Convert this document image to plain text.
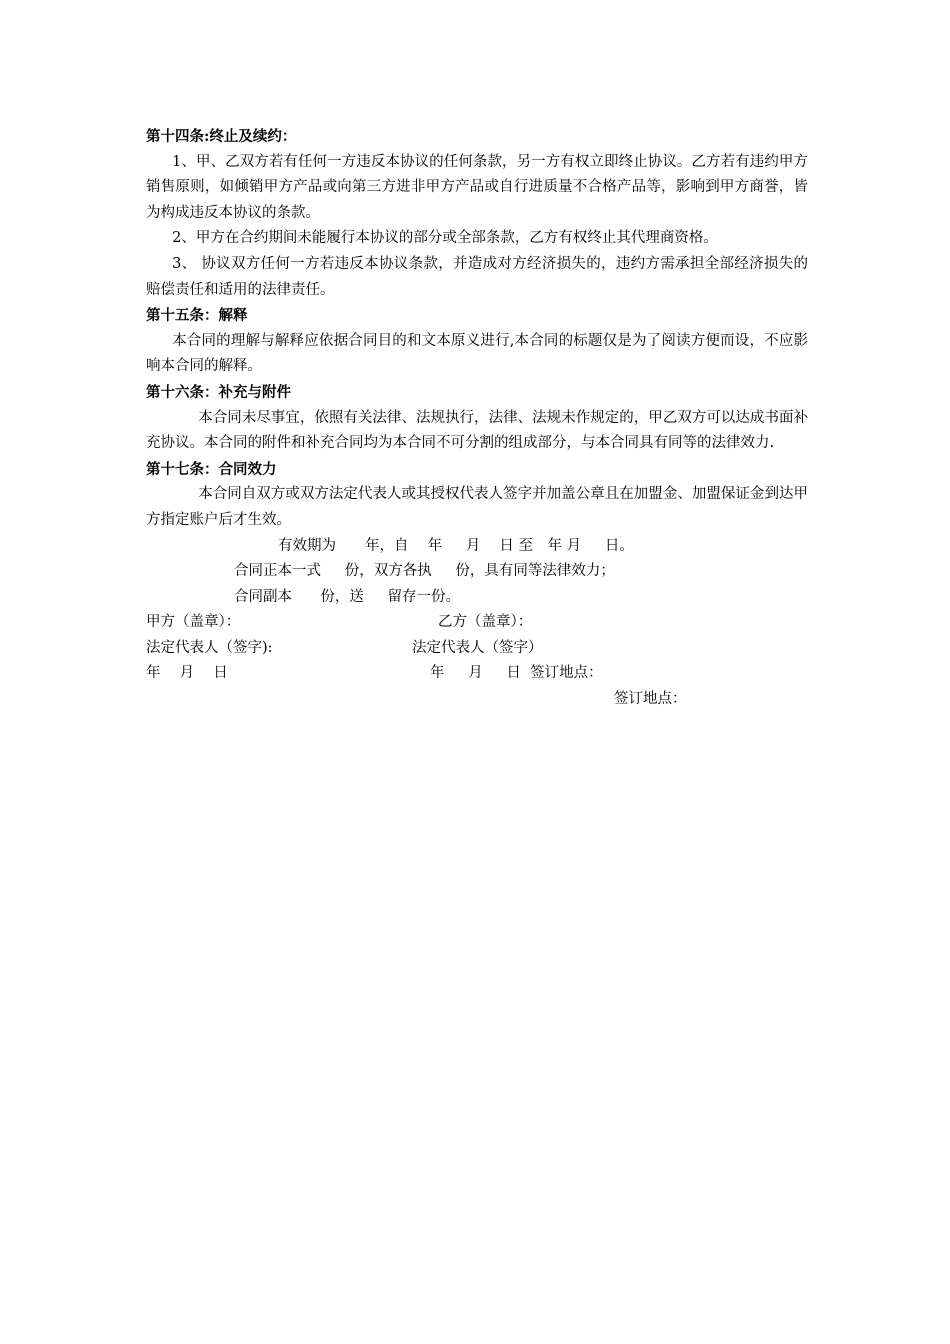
第十四条:终止及续约：

1、甲、乙双方若有任何一方违反本协议的任何条款，另一方有权立即终止协议。乙方若有违约甲方销售原则，如倾销甲方产品或向第三方进非甲方产品或自行进质量不合格产品等，影响到甲方商誉，皆为构成违反本协议的条款。

2、甲方在合约期间未能履行本协议的部分或全部条款，乙方有权终止其代理商资格。

3、 协议双方任何一方若违反本协议条款，并造成对方经济损失的，违约方需承担全部经济损失的赔偿责任和适用的法律责任。

第十五条：解释

本合同的理解与解释应依据合同目的和文本原义进行,本合同的标题仅是为了阅读方便而设，不应影响本合同的解释。

第十六条：补充与附件

本合同未尽事宜，依照有关法律、法规执行，法律、法规未作规定的，甲乙双方可以达成书面补充协议。本合同的附件和补充合同均为本合同不可分割的组成部分，与本合同具有同等的法律效力.

第十七条：合同效力

本合同自双方或双方法定代表人或其授权代表人签字并加盖公章且在加盟金、加盟保证金到达甲方指定账户后才生效。

有效期为　　年，自　 年　  月　 日 至　年 月　  日。

合同正本一式　  份，双方各执　  份，具有同等法律效力；

合同副本　   份，送　  留存一份。

甲方（盖章）：

	乙方（盖章）：

法定代表人（签字):

	法定代表人（签字）

年　 月　 日

	年　  月　  日  签订地点：

签订地点：
